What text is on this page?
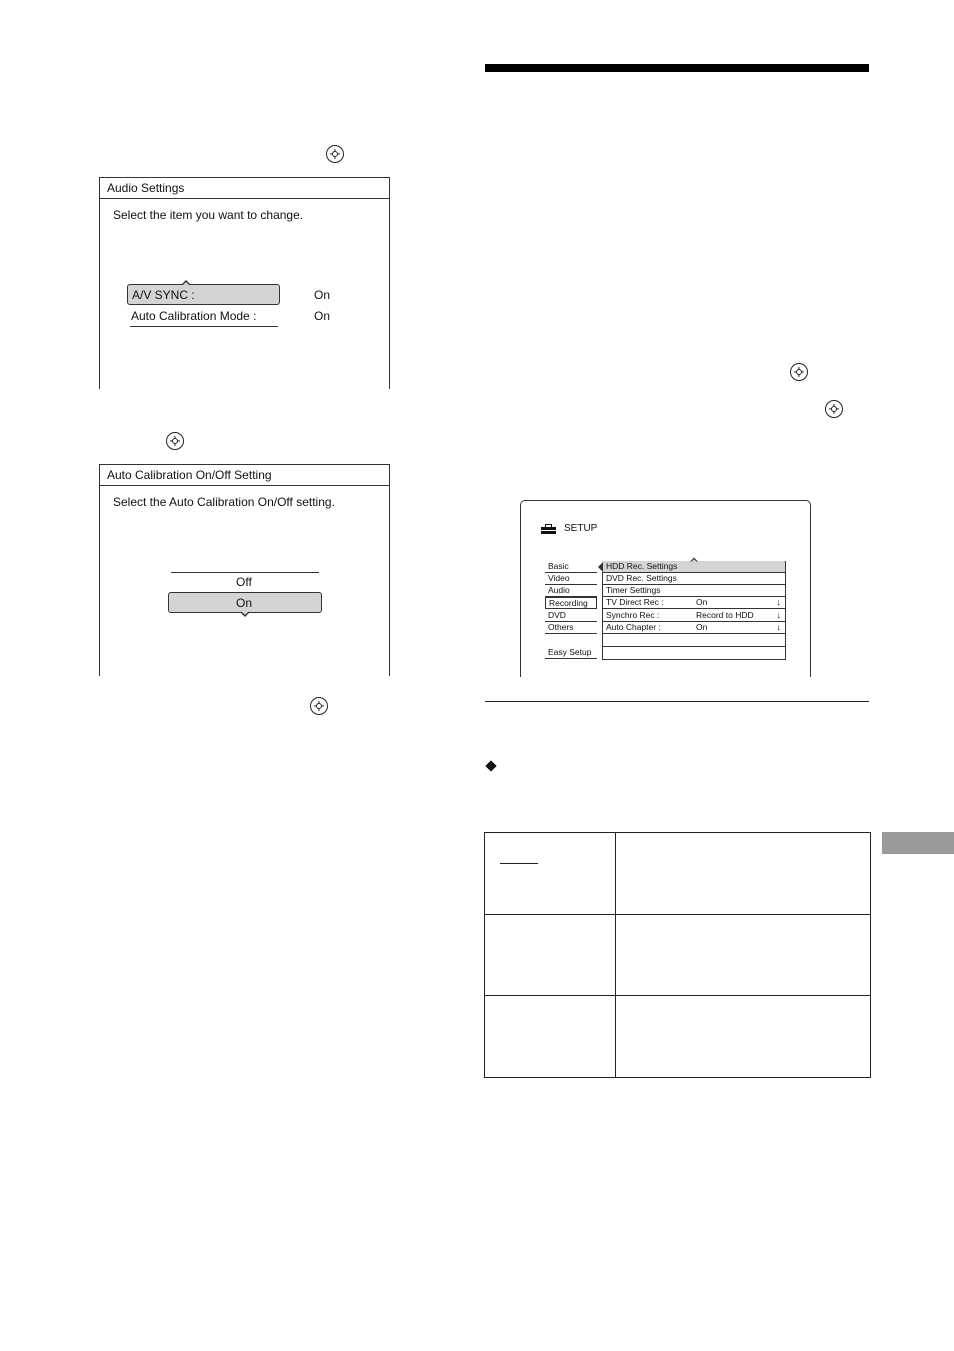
Audio Settings
Select the item you want to change.
A/V SYNC :	On
Auto Calibration Mode :	On
Auto Calibration On/Off Setting
Select the Auto Calibration On/Off setting.
Off
On
SETUP
Basic
Video
Audio
Recording
DVD
Others
Easy Setup
HDD Rec. Settings
DVD Rec. Settings
Timer Settings
TV Direct Rec :	On	↓
Synchro Rec :	Record to HDD	↓
Auto Chapter :	On	↓
